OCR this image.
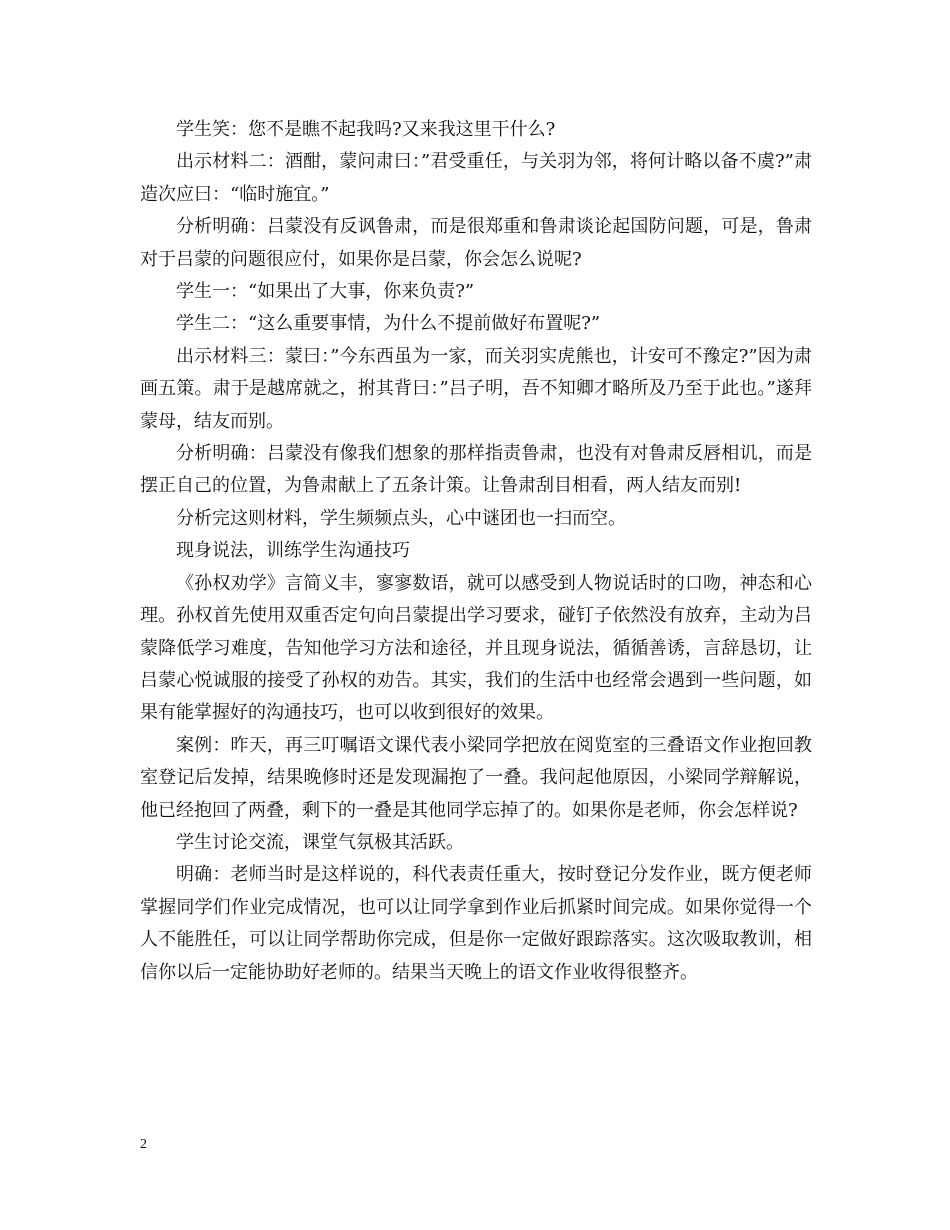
学生笑：您不是瞧不起我吗?又来我这里干什么?

出示材料二：酒酣，蒙问肃曰：”君受重任，与关羽为邻，将何计略以备不虞?”肃造次应曰：“临时施宜。”

分析明确：吕蒙没有反讽鲁肃，而是很郑重和鲁肃谈论起国防问题，可是，鲁肃对于吕蒙的问题很应付，如果你是吕蒙，你会怎么说呢?

学生一：“如果出了大事，你来负责?”

学生二：“这么重要事情，为什么不提前做好布置呢?”

出示材料三：蒙曰：”今东西虽为一家，而关羽实虎熊也，计安可不豫定?”因为肃画五策。肃于是越席就之，拊其背曰：”吕子明，吾不知卿才略所及乃至于此也。”遂拜蒙母，结友而别。

分析明确：吕蒙没有像我们想象的那样指责鲁肃，也没有对鲁肃反唇相讥，而是摆正自己的位置，为鲁肃献上了五条计策。让鲁肃刮目相看，两人结友而别!

分析完这则材料，学生频频点头，心中谜团也一扫而空。

现身说法，训练学生沟通技巧

《孙权劝学》言简义丰，寥寥数语，就可以感受到人物说话时的口吻，神态和心理。孙权首先使用双重否定句向吕蒙提出学习要求，碰钉子依然没有放弃，主动为吕蒙降低学习难度，告知他学习方法和途径，并且现身说法，循循善诱，言辞恳切，让吕蒙心悦诚服的接受了孙权的劝告。其实，我们的生活中也经常会遇到一些问题，如果有能掌握好的沟通技巧，也可以收到很好的效果。

案例：昨天，再三叮嘱语文课代表小梁同学把放在阅览室的三叠语文作业抱回教室登记后发掉，结果晚修时还是发现漏抱了一叠。我问起他原因，小梁同学辩解说，他已经抱回了两叠，剩下的一叠是其他同学忘掉了的。如果你是老师，你会怎样说?

学生讨论交流，课堂气氛极其活跃。

明确：老师当时是这样说的，科代表责任重大，按时登记分发作业，既方便老师掌握同学们作业完成情况，也可以让同学拿到作业后抓紧时间完成。如果你觉得一个人不能胜任，可以让同学帮助你完成，但是你一定做好跟踪落实。这次吸取教训，相信你以后一定能协助好老师的。结果当天晚上的语文作业收得很整齐。

2
